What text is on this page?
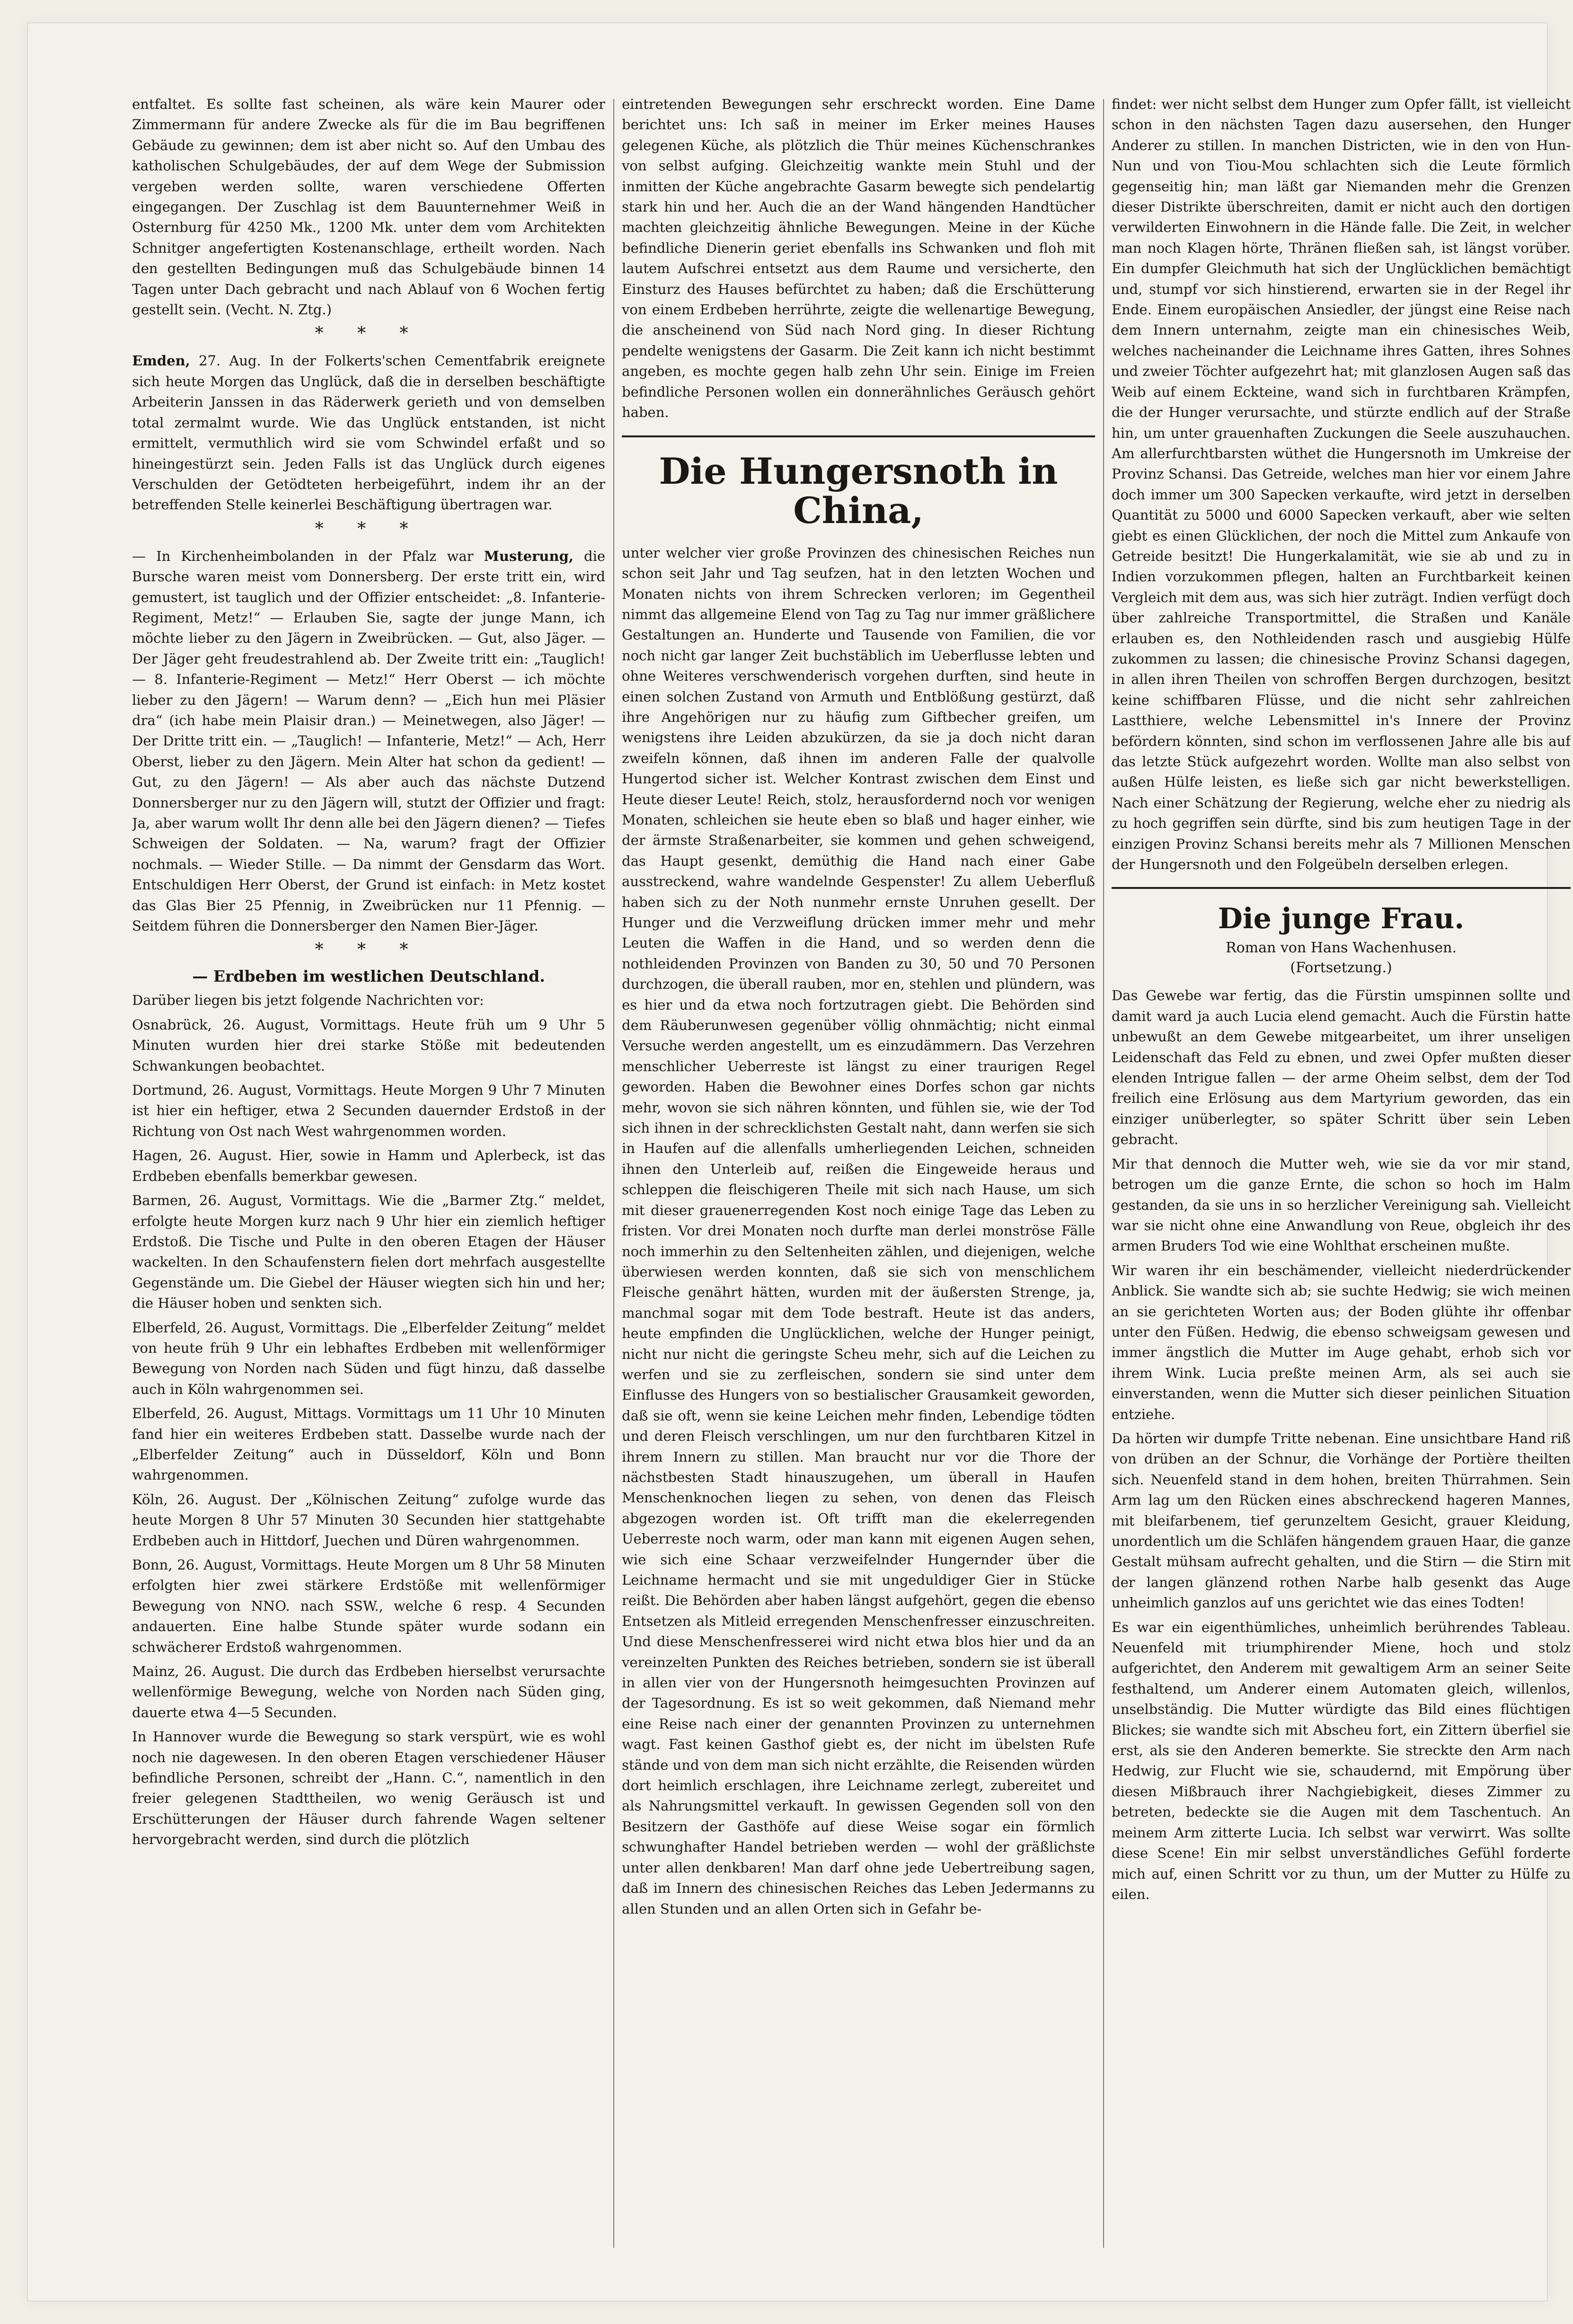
entfaltet. Es sollte fast scheinen, als wäre kein Maurer oder Zimmermann für andere Zwecke als für die im Bau begriffenen Gebäude zu gewinnen; dem ist aber nicht so. Auf den Umbau des katholischen Schulgebäudes, der auf dem Wege der Submission vergeben werden sollte, waren verschiedene Offerten eingegangen. Der Zuschlag ist dem Bauunternehmer Weiß in Osternburg für 4250 Mk., 1200 Mk. unter dem vom Architekten Schnitger angefertigten Kostenanschlage, ertheilt worden. Nach den gestellten Bedingungen muß das Schulgebäude binnen 14 Tagen unter Dach gebracht und nach Ablauf von 6 Wochen fertig gestellt sein. (Vecht. N. Ztg.)

* * *

Emden, 27. Aug. In der Folkerts'schen Cementfabrik ereignete sich heute Morgen das Unglück, daß die in derselben beschäftigte Arbeiterin Janssen in das Räderwerk gerieth und von demselben total zermalmt wurde. Wie das Unglück entstanden, ist nicht ermittelt, vermuthlich wird sie vom Schwindel erfaßt und so hineingestürzt sein. Jeden Falls ist das Unglück durch eigenes Verschulden der Getödteten herbeigeführt, indem ihr an der betreffenden Stelle keinerlei Beschäftigung übertragen war.

* * *

— In Kirchenheimbolanden in der Pfalz war Musterung, die Bursche waren meist vom Donnersberg. Der erste tritt ein, wird gemustert, ist tauglich und der Offizier entscheidet: „8. Infanterie-Regiment, Metz!“ — Erlauben Sie, sagte der junge Mann, ich möchte lieber zu den Jägern in Zweibrücken. — Gut, also Jäger. — Der Jäger geht freudestrahlend ab. Der Zweite tritt ein: „Tauglich! — 8. Infanterie-Regiment — Metz!“ Herr Oberst — ich möchte lieber zu den Jägern! — Warum denn? — „Eich hun mei Pläsier dra“ (ich habe mein Plaisir dran.) — Meinetwegen, also Jäger! — Der Dritte tritt ein. — „Tauglich! — Infanterie, Metz!“ — Ach, Herr Oberst, lieber zu den Jägern. Mein Alter hat schon da gedient! — Gut, zu den Jägern! — Als aber auch das nächste Dutzend Donnersberger nur zu den Jägern will, stutzt der Offizier und fragt: Ja, aber warum wollt Ihr denn alle bei den Jägern dienen? — Tiefes Schweigen der Soldaten. — Na, warum? fragt der Offizier nochmals. — Wieder Stille. — Da nimmt der Gensdarm das Wort. Entschuldigen Herr Oberst, der Grund ist einfach: in Metz kostet das Glas Bier 25 Pfennig, in Zweibrücken nur 11 Pfennig. — Seitdem führen die Donnersberger den Namen Bier-Jäger.

* * *
— Erdbeben im westlichen Deutschland.

Darüber liegen bis jetzt folgende Nachrichten vor:

Osnabrück, 26. August, Vormittags. Heute früh um 9 Uhr 5 Minuten wurden hier drei starke Stöße mit bedeutenden Schwankungen beobachtet.

Dortmund, 26. August, Vormittags. Heute Morgen 9 Uhr 7 Minuten ist hier ein heftiger, etwa 2 Secunden dauernder Erdstoß in der Richtung von Ost nach West wahrgenommen worden.

Hagen, 26. August. Hier, sowie in Hamm und Aplerbeck, ist das Erdbeben ebenfalls bemerkbar gewesen.

Barmen, 26. August, Vormittags. Wie die „Barmer Ztg.“ meldet, erfolgte heute Morgen kurz nach 9 Uhr hier ein ziemlich heftiger Erdstoß. Die Tische und Pulte in den oberen Etagen der Häuser wackelten. In den Schaufenstern fielen dort mehrfach ausgestellte Gegenstände um. Die Giebel der Häuser wiegten sich hin und her; die Häuser hoben und senkten sich.

Elberfeld, 26. August, Vormittags. Die „Elberfelder Zeitung“ meldet von heute früh 9 Uhr ein lebhaftes Erdbeben mit wellenförmiger Bewegung von Norden nach Süden und fügt hinzu, daß dasselbe auch in Köln wahrgenommen sei.

Elberfeld, 26. August, Mittags. Vormittags um 11 Uhr 10 Minuten fand hier ein weiteres Erdbeben statt. Dasselbe wurde nach der „Elberfelder Zeitung“ auch in Düsseldorf, Köln und Bonn wahrgenommen.

Köln, 26. August. Der „Kölnischen Zeitung“ zufolge wurde das heute Morgen 8 Uhr 57 Minuten 30 Secunden hier stattgehabte Erdbeben auch in Hittdorf, Juechen und Düren wahrgenommen.

Bonn, 26. August, Vormittags. Heute Morgen um 8 Uhr 58 Minuten erfolgten hier zwei stärkere Erdstöße mit wellenförmiger Bewegung von NNO. nach SSW., welche 6 resp. 4 Secunden andauerten. Eine halbe Stunde später wurde sodann ein schwächerer Erdstoß wahrgenommen.

Mainz, 26. August. Die durch das Erdbeben hierselbst verursachte wellenförmige Bewegung, welche von Norden nach Süden ging, dauerte etwa 4—5 Secunden.

In Hannover wurde die Bewegung so stark verspürt, wie es wohl noch nie dagewesen. In den oberen Etagen verschiedener Häuser befindliche Personen, schreibt der „Hann. C.“, namentlich in den freier gelegenen Stadttheilen, wo wenig Geräusch ist und Erschütterungen der Häuser durch fahrende Wagen seltener hervorgebracht werden, sind durch die plötzlich

eintretenden Bewegungen sehr erschreckt worden. Eine Dame berichtet uns: Ich saß in meiner im Erker meines Hauses gelegenen Küche, als plötzlich die Thür meines Küchenschrankes von selbst aufging. Gleichzeitig wankte mein Stuhl und der inmitten der Küche angebrachte Gasarm bewegte sich pendelartig stark hin und her. Auch die an der Wand hängenden Handtücher machten gleichzeitig ähnliche Bewegungen. Meine in der Küche befindliche Dienerin geriet ebenfalls ins Schwanken und floh mit lautem Aufschrei entsetzt aus dem Raume und versicherte, den Einsturz des Hauses befürchtet zu haben; daß die Erschütterung von einem Erdbeben herrührte, zeigte die wellenartige Bewegung, die anscheinend von Süd nach Nord ging. In dieser Richtung pendelte wenigstens der Gasarm. Die Zeit kann ich nicht bestimmt angeben, es mochte gegen halb zehn Uhr sein. Einige im Freien befindliche Personen wollen ein donnerähnliches Geräusch gehört haben.

Die Hungersnoth in China,

unter welcher vier große Provinzen des chinesischen Reiches nun schon seit Jahr und Tag seufzen, hat in den letzten Wochen und Monaten nichts von ihrem Schrecken verloren; im Gegentheil nimmt das allgemeine Elend von Tag zu Tag nur immer gräßlichere Gestaltungen an. Hunderte und Tausende von Familien, die vor noch nicht gar langer Zeit buchstäblich im Ueberflusse lebten und ohne Weiteres verschwenderisch vorgehen durften, sind heute in einen solchen Zustand von Armuth und Entblößung gestürzt, daß ihre Angehörigen nur zu häufig zum Giftbecher greifen, um wenigstens ihre Leiden abzukürzen, da sie ja doch nicht daran zweifeln können, daß ihnen im anderen Falle der qualvolle Hungertod sicher ist. Welcher Kontrast zwischen dem Einst und Heute dieser Leute! Reich, stolz, herausfordernd noch vor wenigen Monaten, schleichen sie heute eben so blaß und hager einher, wie der ärmste Straßenarbeiter, sie kommen und gehen schweigend, das Haupt gesenkt, demüthig die Hand nach einer Gabe ausstreckend, wahre wandelnde Gespenster! Zu allem Ueberfluß haben sich zu der Noth nunmehr ernste Unruhen gesellt. Der Hunger und die Verzweiflung drücken immer mehr und mehr Leuten die Waffen in die Hand, und so werden denn die nothleidenden Provinzen von Banden zu 30, 50 und 70 Personen durchzogen, die überall rauben, mor en, stehlen und plündern, was es hier und da etwa noch fortzutragen giebt. Die Behörden sind dem Räuberunwesen gegenüber völlig ohnmächtig; nicht einmal Versuche werden angestellt, um es einzudämmern. Das Verzehren menschlicher Ueberreste ist längst zu einer traurigen Regel geworden. Haben die Bewohner eines Dorfes schon gar nichts mehr, wovon sie sich nähren könnten, und fühlen sie, wie der Tod sich ihnen in der schrecklichsten Gestalt naht, dann werfen sie sich in Haufen auf die allenfalls umherliegenden Leichen, schneiden ihnen den Unterleib auf, reißen die Eingeweide heraus und schleppen die fleischigeren Theile mit sich nach Hause, um sich mit dieser grauenerregenden Kost noch einige Tage das Leben zu fristen. Vor drei Monaten noch durfte man derlei monströse Fälle noch immerhin zu den Seltenheiten zählen, und diejenigen, welche überwiesen werden konnten, daß sie sich von menschlichem Fleische genährt hätten, wurden mit der äußersten Strenge, ja, manchmal sogar mit dem Tode bestraft. Heute ist das anders, heute empfinden die Unglücklichen, welche der Hunger peinigt, nicht nur nicht die geringste Scheu mehr, sich auf die Leichen zu werfen und sie zu zerfleischen, sondern sie sind unter dem Einflusse des Hungers von so bestialischer Grausamkeit geworden, daß sie oft, wenn sie keine Leichen mehr finden, Lebendige tödten und deren Fleisch verschlingen, um nur den furchtbaren Kitzel in ihrem Innern zu stillen. Man braucht nur vor die Thore der nächstbesten Stadt hinauszugehen, um überall in Haufen Menschenknochen liegen zu sehen, von denen das Fleisch abgezogen worden ist. Oft trifft man die ekelerregenden Ueberreste noch warm, oder man kann mit eigenen Augen sehen, wie sich eine Schaar verzweifelnder Hungernder über die Leichname hermacht und sie mit ungeduldiger Gier in Stücke reißt. Die Behörden aber haben längst aufgehört, gegen die ebenso Entsetzen als Mitleid erregenden Menschenfresser einzuschreiten. Und diese Menschenfresserei wird nicht etwa blos hier und da an vereinzelten Punkten des Reiches betrieben, sondern sie ist überall in allen vier von der Hungersnoth heimgesuchten Provinzen auf der Tagesordnung. Es ist so weit gekommen, daß Niemand mehr eine Reise nach einer der genannten Provinzen zu unternehmen wagt. Fast keinen Gasthof giebt es, der nicht im übelsten Rufe stände und von dem man sich nicht erzählte, die Reisenden würden dort heimlich erschlagen, ihre Leichname zerlegt, zubereitet und als Nahrungsmittel verkauft. In gewissen Gegenden soll von den Besitzern der Gasthöfe auf diese Weise sogar ein förmlich schwunghafter Handel betrieben werden — wohl der gräßlichste unter allen denkbaren! Man darf ohne jede Uebertreibung sagen, daß im Innern des chinesischen Reiches das Leben Jedermanns zu allen Stunden und an allen Orten sich in Gefahr be-

findet: wer nicht selbst dem Hunger zum Opfer fällt, ist vielleicht schon in den nächsten Tagen dazu ausersehen, den Hunger Anderer zu stillen. In manchen Districten, wie in den von Hun-Nun und von Tiou-Mou schlachten sich die Leute förmlich gegenseitig hin; man läßt gar Niemanden mehr die Grenzen dieser Distrikte überschreiten, damit er nicht auch den dortigen verwilderten Einwohnern in die Hände falle. Die Zeit, in welcher man noch Klagen hörte, Thränen fließen sah, ist längst vorüber. Ein dumpfer Gleichmuth hat sich der Unglücklichen bemächtigt und, stumpf vor sich hinstierend, erwarten sie in der Regel ihr Ende. Einem europäischen Ansiedler, der jüngst eine Reise nach dem Innern unternahm, zeigte man ein chinesisches Weib, welches nacheinander die Leichname ihres Gatten, ihres Sohnes und zweier Töchter aufgezehrt hat; mit glanzlosen Augen saß das Weib auf einem Eckteine, wand sich in furchtbaren Krämpfen, die der Hunger verursachte, und stürzte endlich auf der Straße hin, um unter grauenhaften Zuckungen die Seele auszuhauchen. Am allerfurchtbarsten wüthet die Hungersnoth im Umkreise der Provinz Schansi. Das Getreide, welches man hier vor einem Jahre doch immer um 300 Sapecken verkaufte, wird jetzt in derselben Quantität zu 5000 und 6000 Sapecken verkauft, aber wie selten giebt es einen Glücklichen, der noch die Mittel zum Ankaufe von Getreide besitzt! Die Hungerkalamität, wie sie ab und zu in Indien vorzukommen pflegen, halten an Furchtbarkeit keinen Vergleich mit dem aus, was sich hier zuträgt. Indien verfügt doch über zahlreiche Transportmittel, die Straßen und Kanäle erlauben es, den Nothleidenden rasch und ausgiebig Hülfe zukommen zu lassen; die chinesische Provinz Schansi dagegen, in allen ihren Theilen von schroffen Bergen durchzogen, besitzt keine schiffbaren Flüsse, und die nicht sehr zahlreichen Lastthiere, welche Lebensmittel in's Innere der Provinz befördern könnten, sind schon im verflossenen Jahre alle bis auf das letzte Stück aufgezehrt worden. Wollte man also selbst von außen Hülfe leisten, es ließe sich gar nicht bewerkstelligen. Nach einer Schätzung der Regierung, welche eher zu niedrig als zu hoch gegriffen sein dürfte, sind bis zum heutigen Tage in der einzigen Provinz Schansi bereits mehr als 7 Millionen Menschen der Hungersnoth und den Folgeübeln derselben erlegen.

Die junge Frau.

Roman von Hans Wachenhusen.

(Fortsetzung.)

Das Gewebe war fertig, das die Fürstin umspinnen sollte und damit ward ja auch Lucia elend gemacht. Auch die Fürstin hatte unbewußt an dem Gewebe mitgearbeitet, um ihrer unseligen Leidenschaft das Feld zu ebnen, und zwei Opfer mußten dieser elenden Intrigue fallen — der arme Oheim selbst, dem der Tod freilich eine Erlösung aus dem Martyrium geworden, das ein einziger unüberlegter, so später Schritt über sein Leben gebracht.

Mir that dennoch die Mutter weh, wie sie da vor mir stand, betrogen um die ganze Ernte, die schon so hoch im Halm gestanden, da sie uns in so herzlicher Vereinigung sah. Vielleicht war sie nicht ohne eine Anwandlung von Reue, obgleich ihr des armen Bruders Tod wie eine Wohlthat erscheinen mußte.

Wir waren ihr ein beschämender, vielleicht niederdrückender Anblick. Sie wandte sich ab; sie suchte Hedwig; sie wich meinen an sie gerichteten Worten aus; der Boden glühte ihr offenbar unter den Füßen. Hedwig, die ebenso schweigsam gewesen und immer ängstlich die Mutter im Auge gehabt, erhob sich vor ihrem Wink. Lucia preßte meinen Arm, als sei auch sie einverstanden, wenn die Mutter sich dieser peinlichen Situation entziehe.

Da hörten wir dumpfe Tritte nebenan. Eine unsichtbare Hand riß von drüben an der Schnur, die Vorhänge der Portière theilten sich. Neuenfeld stand in dem hohen, breiten Thürrahmen. Sein Arm lag um den Rücken eines abschreckend hageren Mannes, mit bleifarbenem, tief gerunzeltem Gesicht, grauer Kleidung, unordentlich um die Schläfen hängendem grauen Haar, die ganze Gestalt mühsam aufrecht gehalten, und die Stirn — die Stirn mit der langen glänzend rothen Narbe halb gesenkt das Auge unheimlich ganzlos auf uns gerichtet wie das eines Todten!

Es war ein eigenthümliches, unheimlich berührendes Tableau. Neuenfeld mit triumphirender Miene, hoch und stolz aufgerichtet, den Anderem mit gewaltigem Arm an seiner Seite festhaltend, um Anderer einem Automaten gleich, willenlos, unselbständig. Die Mutter würdigte das Bild eines flüchtigen Blickes; sie wandte sich mit Abscheu fort, ein Zittern überfiel sie erst, als sie den Anderen bemerkte. Sie streckte den Arm nach Hedwig, zur Flucht wie sie, schaudernd, mit Empörung über diesen Mißbrauch ihrer Nachgiebigkeit, dieses Zimmer zu betreten, bedeckte sie die Augen mit dem Taschentuch. An meinem Arm zitterte Lucia. Ich selbst war verwirrt. Was sollte diese Scene! Ein mir selbst unverständliches Gefühl forderte mich auf, einen Schritt vor zu thun, um der Mutter zu Hülfe zu eilen.
